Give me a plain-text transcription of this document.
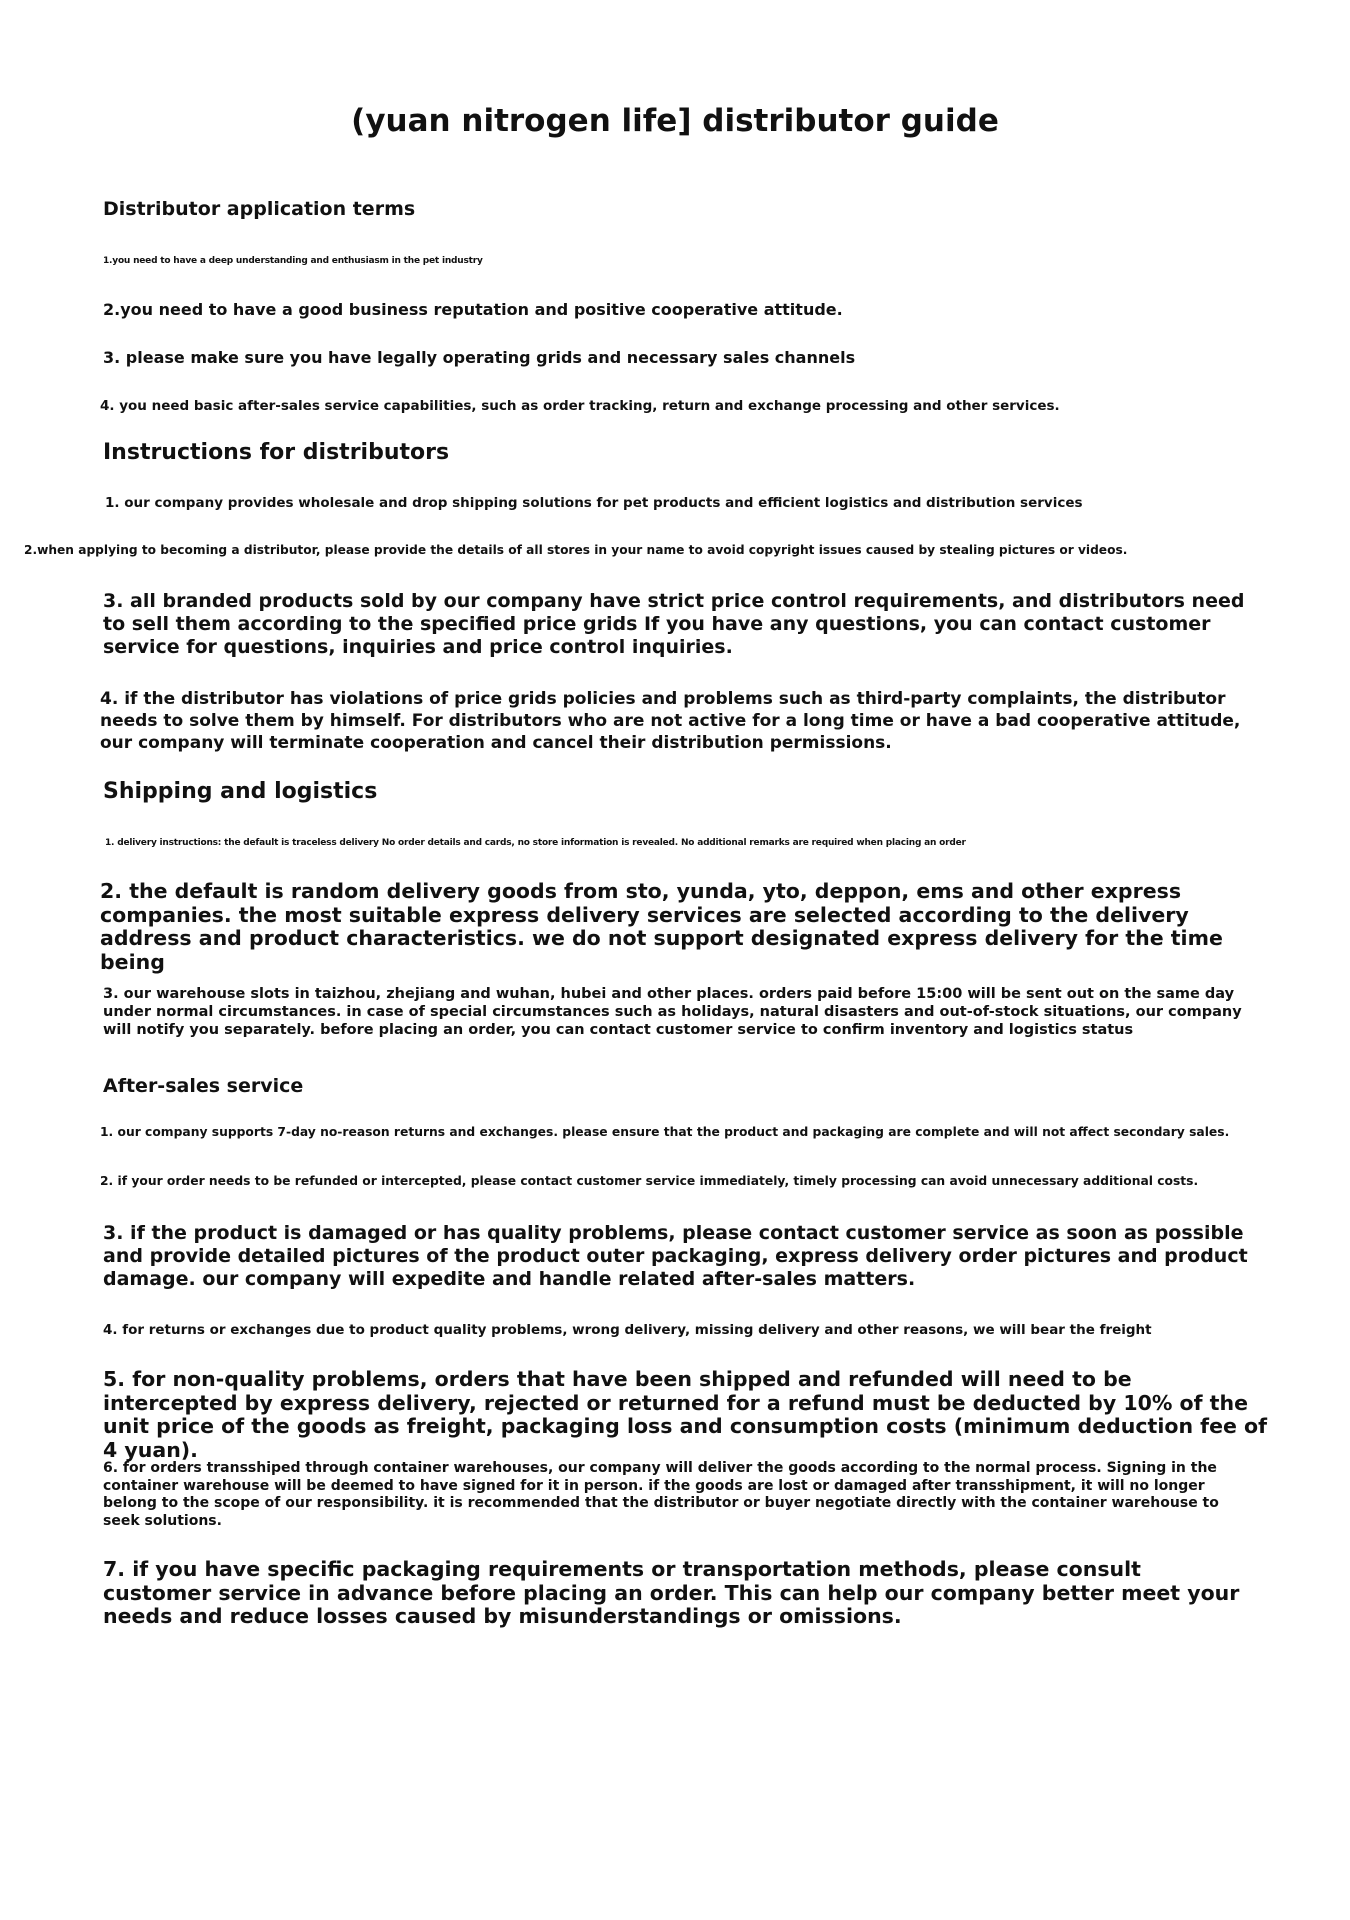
(yuan nitrogen life] distributor guide
Distributor application terms

1.you need to have a deep understanding and enthusiasm in the pet industry

2.you need to have a good business reputation and positive cooperative attitude.

3. please make sure you have legally operating grids and necessary sales channels

4. you need basic after-sales service capabilities, such as order tracking, return and exchange processing and other services.

Instructions for distributors

1. our company provides wholesale and drop shipping solutions for pet products and efficient logistics and distribution services

2.when applying to becoming a distributor, please provide the details of all stores in your name to avoid copyright issues caused by stealing pictures or videos.

3. all branded products sold by our company have strict price control requirements, and distributors need to sell them according to the specified price grids If you have any questions, you can contact customer service for questions, inquiries and price control inquiries.

4. if the distributor has violations of price grids policies and problems such as third-party complaints, the distributor needs to solve them by himself. For distributors who are not active for a long time or have a bad cooperative attitude, our company will terminate cooperation and cancel their distribution permissions.

Shipping and logistics

1. delivery instructions: the default is traceless delivery No order details and cards, no store information is revealed. No additional remarks are required when placing an order

2. the default is random delivery goods from sto, yunda, yto, deppon, ems and other express companies. the most suitable express delivery services are selected according to the delivery address and product characteristics. we do not support designated express delivery for the time being

3. our warehouse slots in taizhou, zhejiang and wuhan, hubei and other places. orders paid before 15:00 will be sent out on the same day under normal circumstances. in case of special circumstances such as holidays, natural disasters and out-of-stock situations, our company will notify you separately. before placing an order, you can contact customer service to confirm inventory and logistics status

After-sales service

1. our company supports 7-day no-reason returns and exchanges. please ensure that the product and packaging are complete and will not affect secondary sales.

2. if your order needs to be refunded or intercepted, please contact customer service immediately, timely processing can avoid unnecessary additional costs.

3. if the product is damaged or has quality problems, please contact customer service as soon as possible and provide detailed pictures of the product outer packaging, express delivery order pictures and product damage. our company will expedite and handle related after-sales matters.

4. for returns or exchanges due to product quality problems, wrong delivery, missing delivery and other reasons, we will bear the freight

5. for non-quality problems, orders that have been shipped and refunded will need to be intercepted by express delivery, rejected or returned for a refund must be deducted by 10% of the unit price of the goods as freight, packaging loss and consumption costs (minimum deduction fee of 4 yuan).

6. for orders transshiped through container warehouses, our company will deliver the goods according to the normal process. Signing in the container warehouse will be deemed to have signed for it in person. if the goods are lost or damaged after transshipment, it will no longer belong to the scope of our responsibility. it is recommended that the distributor or buyer negotiate directly with the container warehouse to seek solutions.

7. if you have specific packaging requirements or transportation methods, please consult customer service in advance before placing an order. This can help our company better meet your needs and reduce losses caused by misunderstandings or omissions.
